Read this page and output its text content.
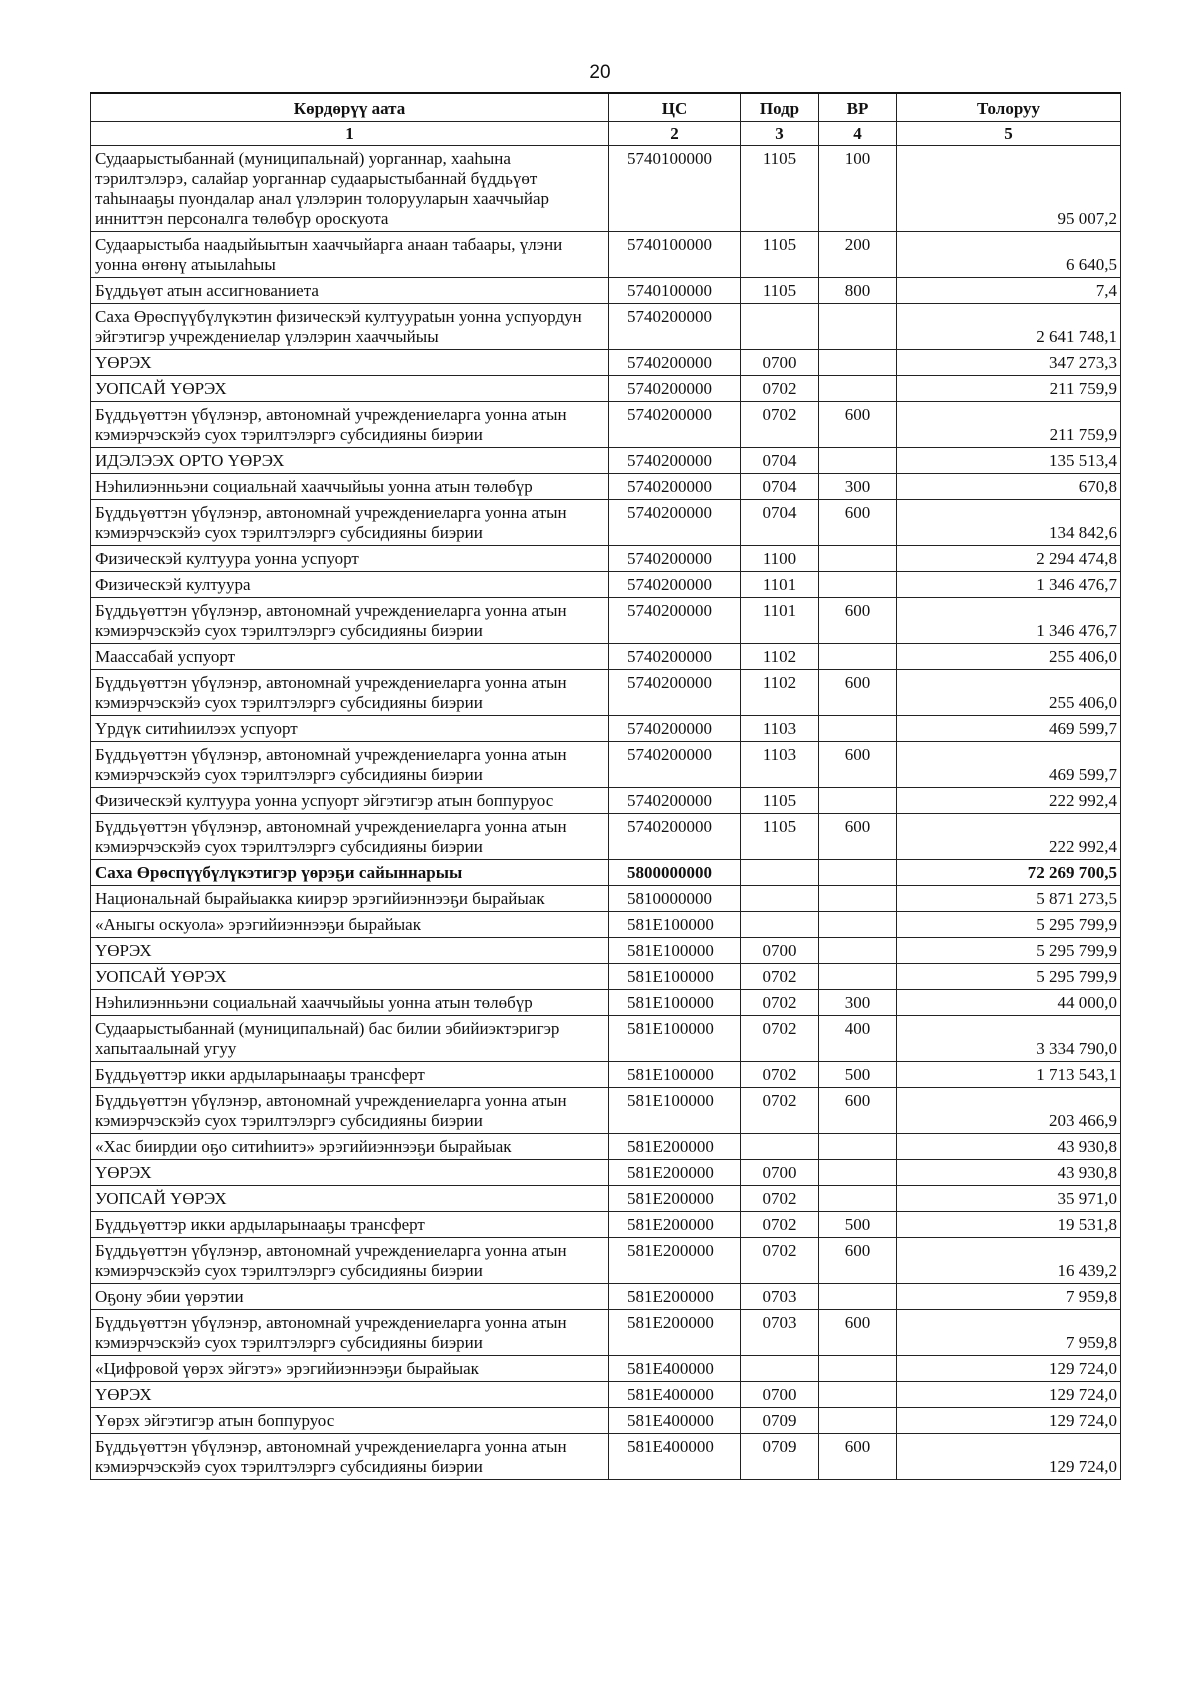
20
Көрдөрүү аата	ЦС	Подр	ВР	Толоруу
1	2	3	4	5
Судаарыстыбаннай (муниципальнай) уорганнар, хааһына тэрилтэлэрэ, салайар уорганнар судаарыстыбаннай бүддьүөт таһынааҕы пуондалар анал үлэлэрин толорууларын хааччыйар инниттэн персоналга төлөбүр ороскуота	5740100000	1105	100	95 007,2
Судаарыстыба наадыйыытын хааччыйарга анаан табаары, үлэни уонна өҥөнү атыылаһыы	5740100000	1105	200	6 640,5
Бүддьүөт атын ассигнованиета	5740100000	1105	800	7,4
Саха Өрөспүүбүлүкэтин физическэй култуураtын уонна успуордун эйгэтигэр учреждениелар үлэлэрин хааччыйыы	5740200000			2 641 748,1
ҮӨРЭХ	5740200000	0700		347 273,3
УОПСАЙ ҮӨРЭХ	5740200000	0702		211 759,9
Бүддьүөттэн үбүлэнэр, автономнай учреждениеларга уонна атын кэмиэрчэскэйэ суох тэрилтэлэргэ субсидияны биэрии	5740200000	0702	600	211 759,9
ИДЭЛЭЭХ ОРТО ҮӨРЭХ	5740200000	0704		135 513,4
Нэһилиэнньэни социальнай хааччыйыы уонна атын төлөбүр	5740200000	0704	300	670,8
Бүддьүөттэн үбүлэнэр, автономнай учреждениеларга уонна атын кэмиэрчэскэйэ суох тэрилтэлэргэ субсидияны биэрии	5740200000	0704	600	134 842,6
Физическэй култуура уонна успуорт	5740200000	1100		2 294 474,8
Физическэй култуура	5740200000	1101		1 346 476,7
Бүддьүөттэн үбүлэнэр, автономнай учреждениеларга уонна атын кэмиэрчэскэйэ суох тэрилтэлэргэ субсидияны биэрии	5740200000	1101	600	1 346 476,7
Маассабай успуорт	5740200000	1102		255 406,0
Бүддьүөттэн үбүлэнэр, автономнай учреждениеларга уонна атын кэмиэрчэскэйэ суох тэрилтэлэргэ субсидияны биэрии	5740200000	1102	600	255 406,0
Үрдүк ситиһиилээх успуорт	5740200000	1103		469 599,7
Бүддьүөттэн үбүлэнэр, автономнай учреждениеларга уонна атын кэмиэрчэскэйэ суох тэрилтэлэргэ субсидияны биэрии	5740200000	1103	600	469 599,7
Физическэй култуура уонна успуорт эйгэтигэр атын боппуруос	5740200000	1105		222 992,4
Бүддьүөттэн үбүлэнэр, автономнай учреждениеларга уонна атын кэмиэрчэскэйэ суох тэрилтэлэргэ субсидияны биэрии	5740200000	1105	600	222 992,4
Саха Өрөспүүбүлүкэтигэр үөрэҕи сайыннарыы	5800000000			72 269 700,5
Национальнай бырайыакка киирэр эрэгийиэннээҕи бырайыак	5810000000			5 871 273,5
«Аныгы оскуола» эрэгийиэннээҕи бырайыак	581E100000			5 295 799,9
ҮӨРЭХ	581E100000	0700		5 295 799,9
УОПСАЙ ҮӨРЭХ	581E100000	0702		5 295 799,9
Нэһилиэнньэни социальнай хааччыйыы уонна атын төлөбүр	581E100000	0702	300	44 000,0
Судаарыстыбаннай (муниципальнай) бас билии эбийиэктэригэр хапытаалынай угуу	581E100000	0702	400	3 334 790,0
Бүддьүөттэр икки ардыларынааҕы трансферт	581E100000	0702	500	1 713 543,1
Бүддьүөттэн үбүлэнэр, автономнай учреждениеларга уонна атын кэмиэрчэскэйэ суох тэрилтэлэргэ субсидияны биэрии	581E100000	0702	600	203 466,9
«Хас биирдии оҕо ситиһиитэ» эрэгийиэннээҕи бырайыак	581E200000			43 930,8
ҮӨРЭХ	581E200000	0700		43 930,8
УОПСАЙ ҮӨРЭХ	581E200000	0702		35 971,0
Бүддьүөттэр икки ардыларынааҕы трансферт	581E200000	0702	500	19 531,8
Бүддьүөттэн үбүлэнэр, автономнай учреждениеларга уонна атын кэмиэрчэскэйэ суох тэрилтэлэргэ субсидияны биэрии	581E200000	0702	600	16 439,2
Оҕону эбии үөрэтии	581E200000	0703		7 959,8
Бүддьүөттэн үбүлэнэр, автономнай учреждениеларга уонна атын кэмиэрчэскэйэ суох тэрилтэлэргэ субсидияны биэрии	581E200000	0703	600	7 959,8
«Цифровой үөрэх эйгэтэ» эрэгийиэннээҕи бырайыак	581E400000			129 724,0
ҮӨРЭХ	581E400000	0700		129 724,0
Үөрэх эйгэтигэр атын боппуруос	581E400000	0709		129 724,0
Бүддьүөттэн үбүлэнэр, автономнай учреждениеларга уонна атын кэмиэрчэскэйэ суох тэрилтэлэргэ субсидияны биэрии	581E400000	0709	600	129 724,0
